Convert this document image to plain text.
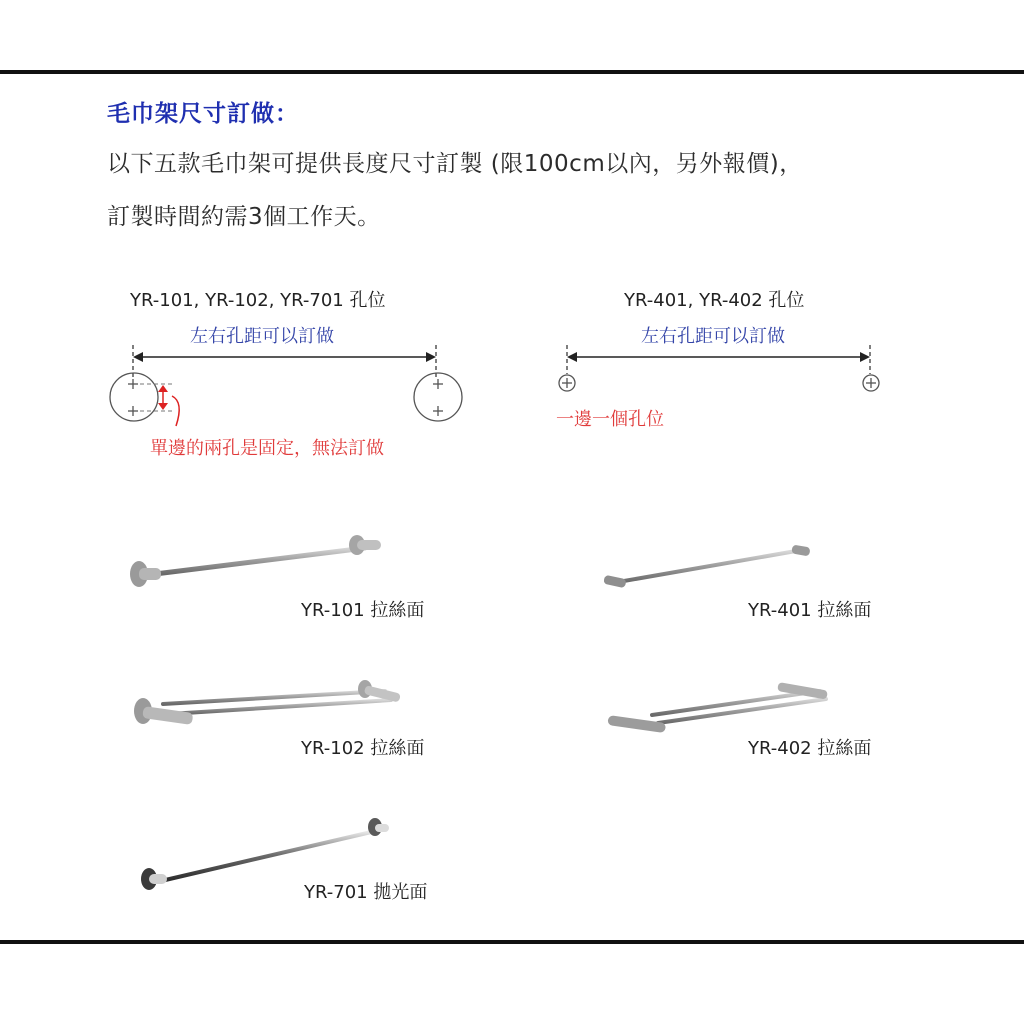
毛巾架尺寸訂做：
以下五款毛巾架可提供長度尺寸訂製 (限100cm以內，另外報價)，
訂製時間約需3個工作天。
YR-101, YR-102, YR-701 孔位
左右孔距可以訂做
單邊的兩孔是固定，無法訂做
YR-401, YR-402 孔位
左右孔距可以訂做
一邊一個孔位
YR-101 拉絲面	YR-401 拉絲面
YR-102 拉絲面	YR-402 拉絲面
YR-701 拋光面
